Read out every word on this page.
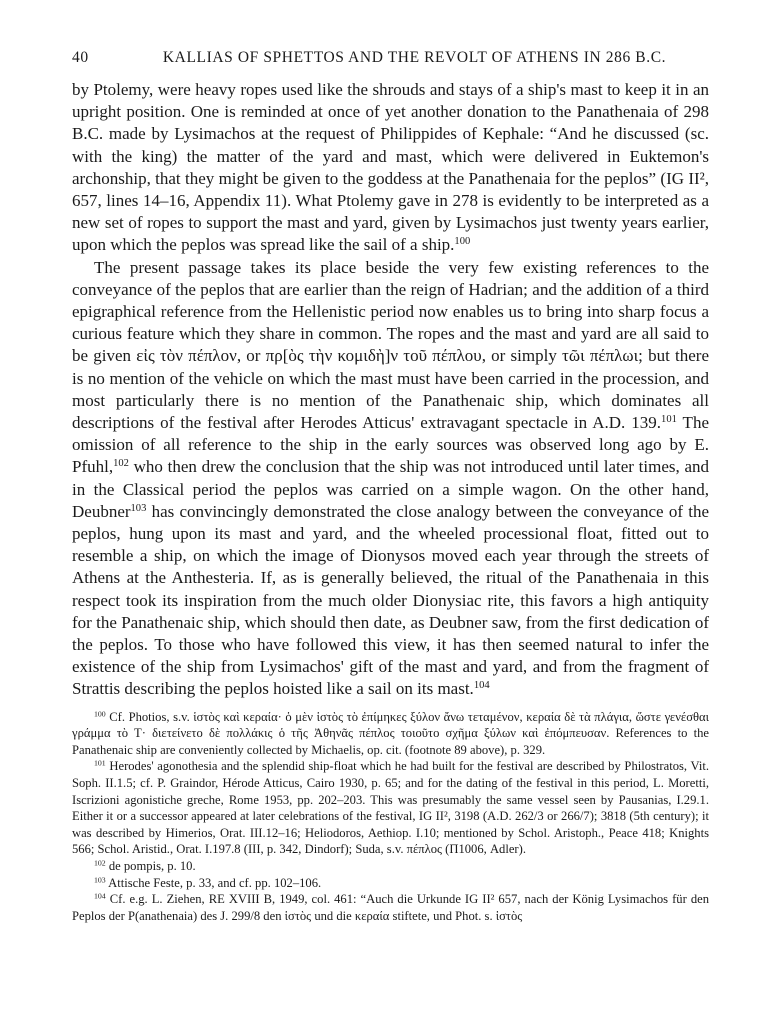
40	KALLIAS OF SPHETTOS AND THE REVOLT OF ATHENS IN 286 B.C.

by Ptolemy, were heavy ropes used like the shrouds and stays of a ship's mast to keep it in an upright position. One is reminded at once of yet another donation to the Panathenaia of 298 B.C. made by Lysimachos at the request of Philippides of Kephale: “And he discussed (sc. with the king) the matter of the yard and mast, which were delivered in Euktemon's archonship, that they might be given to the goddess at the Panathenaia for the peplos” (IG II², 657, lines 14–16, Appendix 11). What Ptolemy gave in 278 is evidently to be interpreted as a new set of ropes to support the mast and yard, given by Lysimachos just twenty years earlier, upon which the peplos was spread like the sail of a ship.$^{100}$

The present passage takes its place beside the very few existing references to the conveyance of the peplos that are earlier than the reign of Hadrian; and the addition of a third epigraphical reference from the Hellenistic period now enables us to bring into sharp focus a curious feature which they share in common. The ropes and the mast and yard are all said to be given εἰς τὸν πέπλον, or πρ[ὸς τὴν κομιδὴ]ν τοῦ πέπλου, or simply τῶι πέπλωι; but there is no mention of the vehicle on which the mast must have been carried in the procession, and most particularly there is no mention of the Panathenaic ship, which dominates all descriptions of the festival after Herodes Atticus' extravagant spectacle in A.D. 139.$^{101}$ The omission of all reference to the ship in the early sources was observed long ago by E. Pfuhl,$^{102}$ who then drew the conclusion that the ship was not introduced until later times, and in the Classical period the peplos was carried on a simple wagon. On the other hand, Deubner$^{103}$ has convincingly demonstrated the close analogy between the conveyance of the peplos, hung upon its mast and yard, and the wheeled processional float, fitted out to resemble a ship, on which the image of Dionysos moved each year through the streets of Athens at the Anthesteria. If, as is generally believed, the ritual of the Panathenaia in this respect took its inspiration from the much older Dionysiac rite, this favors a high antiquity for the Panathenaic ship, which should then date, as Deubner saw, from the first dedication of the peplos. To those who have followed this view, it has then seemed natural to infer the existence of the ship from Lysimachos' gift of the mast and yard, and from the fragment of Strattis describing the peplos hoisted like a sail on its mast.$^{104}$

$^{100}$ Cf. Photios, s.v. ἱστὸς καὶ κεραία· ὁ μὲν ἱστὸς τὸ ἐπίμηκες ξύλον ἄνω τεταμένον, κεραία δὲ τὰ πλάγια, ὥστε γενέσθαι γράμμα τὸ Τ· διετείνετο δὲ πολλάκις ὁ τῆς Ἀθηνᾶς πέπλος τοιοῦτο σχῆμα ξύλων καὶ ἐπόμπευσαν. References to the Panathenaic ship are conveniently collected by Michaelis, op. cit. (footnote 89 above), p. 329.

$^{101}$ Herodes' agonothesia and the splendid ship-float which he had built for the festival are described by Philostratos, Vit. Soph. II.1.5; cf. P. Graindor, Hérode Atticus, Cairo 1930, p. 65; and for the dating of the festival in this period, L. Moretti, Iscrizioni agonistiche greche, Rome 1953, pp. 202–203. This was presumably the same vessel seen by Pausanias, I.29.1. Either it or a successor appeared at later celebrations of the festival, IG II², 3198 (A.D. 262/3 or 266/7); 3818 (5th century); it was described by Himerios, Orat. III.12–16; Heliodoros, Aethiop. I.10; mentioned by Schol. Aristoph., Peace 418; Knights 566; Schol. Aristid., Orat. I.197.8 (III, p. 342, Dindorf); Suda, s.v. πέπλος (Π1006, Adler).

$^{102}$ de pompis, p. 10.

$^{103}$ Attische Feste, p. 33, and cf. pp. 102–106.

$^{104}$ Cf. e.g. L. Ziehen, RE XVIII B, 1949, col. 461: “Auch die Urkunde IG II² 657, nach der König Lysimachos für den Peplos der P(anathenaia) des J. 299/8 den ἱστὸς und die κεραία stiftete, und Phot. s. ἱστὸς
